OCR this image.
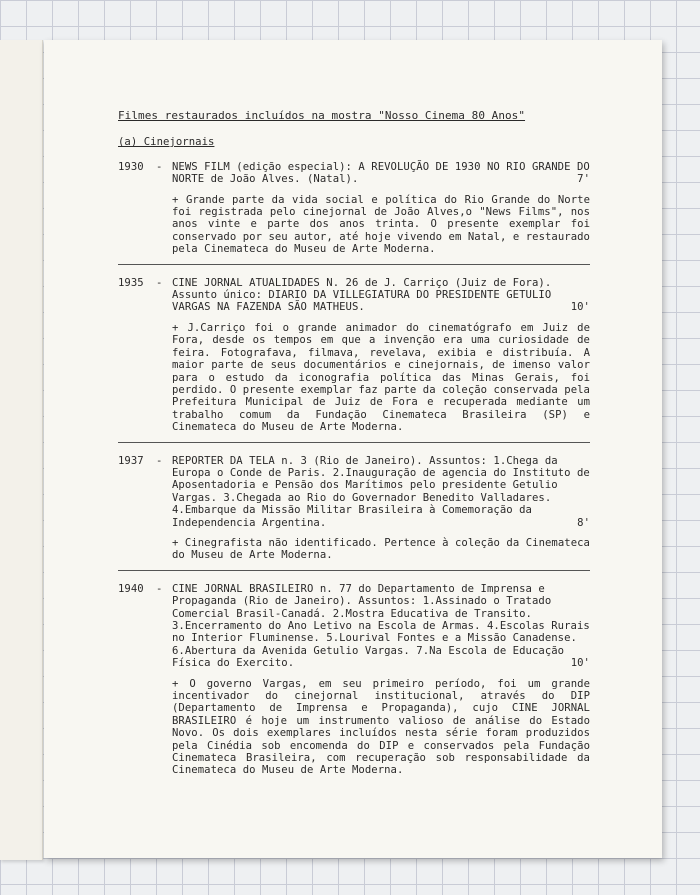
Filmes restaurados incluídos na mostra "Nosso Cinema 80 Anos"
(a) Cinejornais
1930	- NEWS FILM (edição especial): A REVOLUÇÃO DE 1930 NO RIO GRANDE DO NORTE de João Alves. (Natal).	7'
+ Grande parte da vida social e política do Rio Grande do Norte foi registrada pelo cinejornal de João Alves,o "News Films", nos anos vinte e parte dos anos trinta. O presente exemplar foi conservado por seu autor, até hoje vivendo em Natal, e restaurado pela Cinemateca do Museu de Arte Moderna.
1935	- CINE JORNAL ATUALIDADES N. 26 de J. Carriço (Juiz de Fora). Assunto único: DIARIO DA VILLEGIATURA DO PRESIDENTE GETULIO VARGAS NA FAZENDA SÃO MATHEUS.	10'
+ J.Carriço foi o grande animador do cinematógrafo em Juiz de Fora, desde os tempos em que a invenção era uma curiosidade de feira. Fotografava, filmava, revelava, exibia e distribuía. A maior parte de seus documentários e cinejornais, de imenso valor para o estudo da iconografia política das Minas Gerais, foi perdido. O presente exemplar faz parte da coleção conservada pela Prefeitura Municipal de Juiz de Fora e recuperada mediante um trabalho comum da Fundação Cinemateca Brasileira (SP) e Cinemateca do Museu de Arte Moderna.
1937	- REPORTER DA TELA n. 3 (Rio de Janeiro). Assuntos: 1.Chega da Europa o Conde de Paris. 2.Inauguração de agencia do Instituto de Aposentadoria e Pensão dos Marítimos pelo presidente Getulio Vargas. 3.Chegada ao Rio do Governador Benedito Valladares. 4.Embarque da Missão Militar Brasileira à Comemoração da Independencia Argentina.	8'
+ Cinegrafista não identificado. Pertence à coleção da Cinemateca do Museu de Arte Moderna.
1940	- CINE JORNAL BRASILEIRO n. 77 do Departamento de Imprensa e Propaganda (Rio de Janeiro). Assuntos: 1.Assinado o Tratado Comercial Brasil-Canadá. 2.Mostra Educativa de Transito. 3.Encerramento do Ano Letivo na Escola de Armas. 4.Escolas Rurais no Interior Fluminense. 5.Lourival Fontes e a Missão Canadense. 6.Abertura da Avenida Getulio Vargas. 7.Na Escola de Educação Física do Exercito.	10'
+ O governo Vargas, em seu primeiro período, foi um grande incentivador do cinejornal institucional, através do DIP (Departamento de Imprensa e Propaganda), cujo CINE JORNAL BRASILEIRO é hoje um instrumento valioso de análise do Estado Novo. Os dois exemplares incluídos nesta série foram produzidos pela Cinédia sob encomenda do DIP e conservados pela Fundação Cinemateca Brasileira, com recuperação sob responsabilidade da Cinemateca do Museu de Arte Moderna.
